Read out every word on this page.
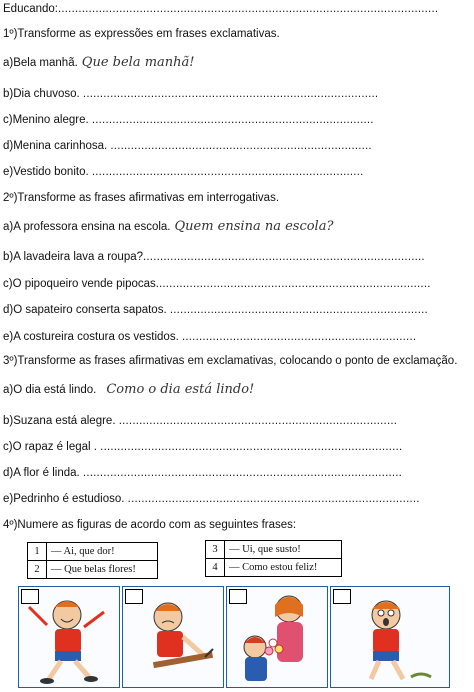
Educando:................................................................................................................
1º)Transforme as expressões em frases exclamativas.
a)Bela manhã. Que bela manhã!
b)Dia chuvoso. .......................................................................................
c)Menino alegre. ...................................................................................
d)Menina carinhosa. .............................................................................
e)Vestido bonito. ................................................................................
2º)Transforme as frases afirmativas em interrogativas.
a)A professora ensina na escola. Quem ensina na escola?
b)A lavadeira lava a roupa?...................................................................................
c)O pipoqueiro vende pipocas.................................................................................
d)O sapateiro conserta sapatos. ............................................................................
e)A costureira costura os vestidos. .....................................................................
3º)Transforme as frases afirmativas em exclamativas, colocando o ponto de exclamação.
a)O dia está lindo. Como o dia está lindo!
b)Suzana está alegre. ..................................................................................
c)O rapaz é legal . .........................................................................................
d)A flor é linda. ..............................................................................................
e)Pedrinho é estudioso. ......................................................................................
4º)Numere as figuras de acordo com as seguintes frases:
1	— Ai, que dor!
2	— Que belas flores!
3	— Ui, que susto!
4	— Como estou feliz!
